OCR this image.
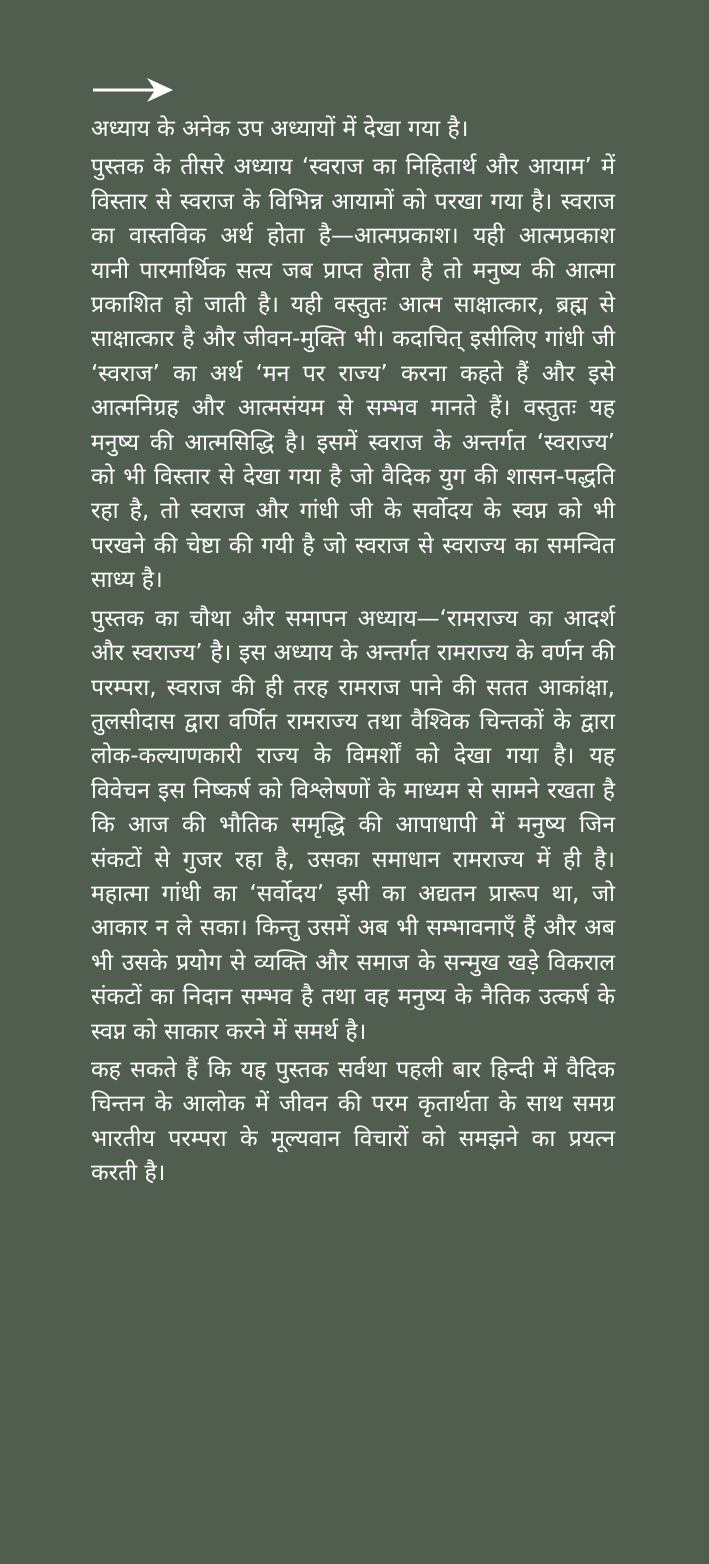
अध्याय के अनेक उप अध्यायों में देखा गया है।

पुस्तक के तीसरे अध्याय ‘स्वराज का निहितार्थ और आयाम’ में विस्तार से स्वराज के विभिन्न आयामों को परखा गया है। स्वराज का वास्तविक अर्थ होता है—आत्मप्रकाश। यही आत्मप्रकाश यानी पारमार्थिक सत्य जब प्राप्त होता है तो मनुष्य की आत्मा प्रकाशित हो जाती है। यही वस्तुतः आत्म साक्षात्कार, ब्रह्म से साक्षात्कार है और जीवन-मुक्ति भी। कदाचित् इसीलिए गांधी जी ‘स्वराज’ का अर्थ ‘मन पर राज्य’ करना कहते हैं और इसे आत्मनिग्रह और आत्मसंयम से सम्भव मानते हैं। वस्तुतः यह मनुष्य की आत्मसिद्धि है। इसमें स्वराज के अन्तर्गत ‘स्वराज्य’ को भी विस्तार से देखा गया है जो वैदिक युग की शासन-पद्धति रहा है, तो स्वराज और गांधी जी के सर्वोदय के स्वप्न को भी परखने की चेष्टा की गयी है जो स्वराज से स्वराज्य का समन्वित साध्य है।

पुस्तक का चौथा और समापन अध्याय—‘रामराज्य का आदर्श और स्वराज्य’ है। इस अध्याय के अन्तर्गत रामराज्य के वर्णन की परम्परा, स्वराज की ही तरह रामराज पाने की सतत आकांक्षा, तुलसीदास द्वारा वर्णित रामराज्य तथा वैश्विक चिन्तकों के द्वारा लोक-कल्याणकारी राज्य के विमर्शों को देखा गया है। यह विवेचन इस निष्कर्ष को विश्लेषणों के माध्यम से सामने रखता है कि आज की भौतिक समृद्धि की आपाधापी में मनुष्य जिन संकटों से गुजर रहा है, उसका समाधान रामराज्य में ही है। महात्मा गांधी का ‘सर्वोदय’ इसी का अद्यतन प्रारूप था, जो आकार न ले सका। किन्तु उसमें अब भी सम्भावनाएँ हैं और अब भी उसके प्रयोग से व्यक्ति और समाज के सन्मुख खड़े विकराल संकटों का निदान सम्भव है तथा वह मनुष्य के नैतिक उत्कर्ष के स्वप्न को साकार करने में समर्थ है।

कह सकते हैं कि यह पुस्तक सर्वथा पहली बार हिन्दी में वैदिक चिन्तन के आलोक में जीवन की परम कृतार्थता के साथ समग्र भारतीय परम्परा के मूल्यवान विचारों को समझने का प्रयत्न करती है।
